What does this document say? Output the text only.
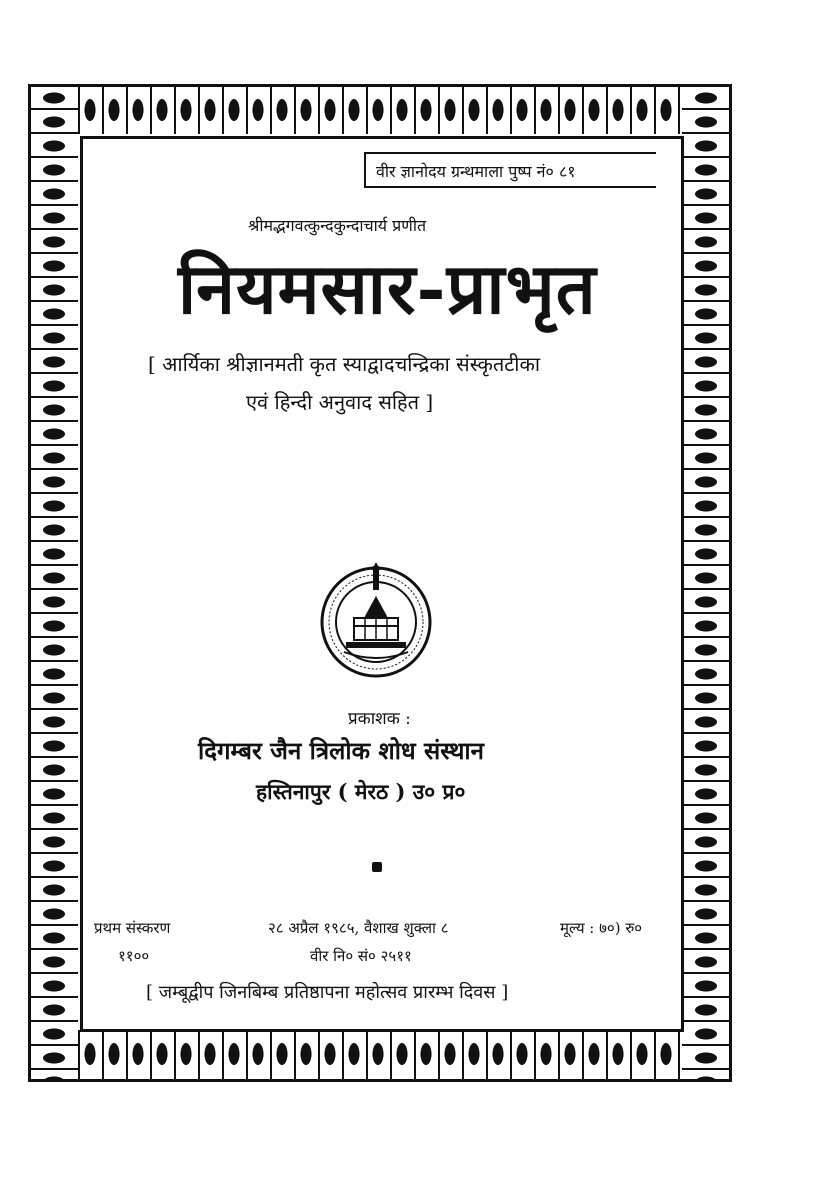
वीर ज्ञानोदय ग्रन्थमाला पुष्प नं० ८१
श्रीमद्भगवत्कुन्दकुन्दाचार्य प्रणीत
नियमसार-प्राभृत
[ आर्यिका श्रीज्ञानमती कृत स्याद्वादचन्द्रिका संस्कृतटीका
एवं हिन्दी अनुवाद सहित ]
प्रकाशक :
दिगम्बर जैन त्रिलोक शोध संस्थान
हस्तिनापुर ( मेरठ ) उ० प्र०
प्रथम संस्करण
११००
२८ अप्रैल १९८५, वैशाख शुक्ला ८
वीर नि० सं० २५११
मूल्य : ७०) रु०
[ जम्बूद्वीप जिनबिम्ब प्रतिष्ठापना महोत्सव प्रारम्भ दिवस ]
